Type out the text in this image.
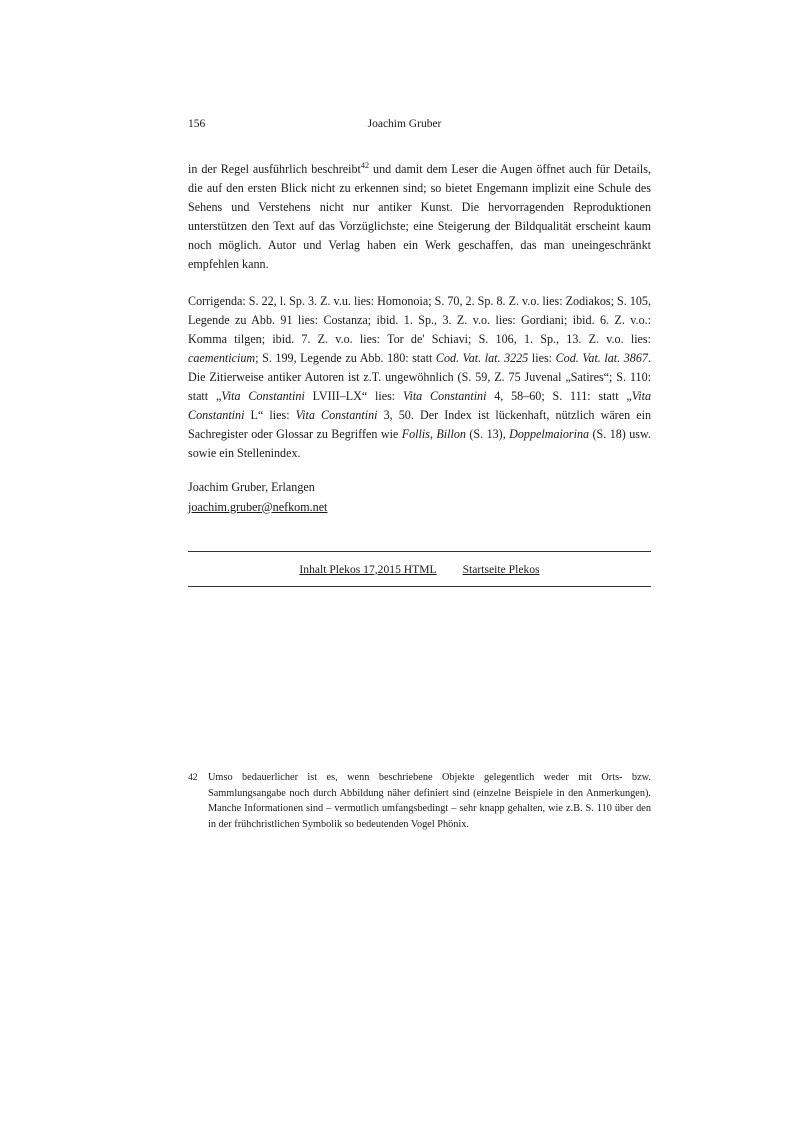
156	Joachim Gruber

in der Regel ausführlich beschreibt$^{42}$ und damit dem Leser die Augen öffnet auch für Details, die auf den ersten Blick nicht zu erkennen sind; so bietet Engemann implizit eine Schule des Sehens und Verstehens nicht nur antiker Kunst. Die hervorragenden Reproduktionen unterstützen den Text auf das Vorzüglichste; eine Steigerung der Bildqualität erscheint kaum noch möglich. Autor und Verlag haben ein Werk geschaffen, das man uneingeschränkt empfehlen kann.

Corrigenda: S. 22, l. Sp. 3. Z. v.u. lies: Homonoia; S. 70, 2. Sp. 8. Z. v.o. lies: Zodiakos; S. 105, Legende zu Abb. 91 lies: Costanza; ibid. 1. Sp., 3. Z. v.o. lies: Gordiani; ibid. 6. Z. v.o.: Komma tilgen; ibid. 7. Z. v.o. lies: Tor de' Schiavi; S. 106, 1. Sp., 13. Z. v.o. lies: caementicium; S. 199, Legende zu Abb. 180: statt Cod. Vat. lat. 3225 lies: Cod. Vat. lat. 3867. Die Zitierweise antiker Autoren ist z.T. ungewöhnlich (S. 59, Z. 75 Juvenal „Satires“; S. 110: statt „Vita Constantini LVIII–LX“ lies: Vita Constantini 4, 58–60; S. 111: statt „Vita Constantini L“ lies: Vita Constantini 3, 50. Der Index ist lückenhaft, nützlich wären ein Sachregister oder Glossar zu Begriffen wie Follis, Billon (S. 13), Doppelmaiorina (S. 18) usw. sowie ein Stellenindex.

Joachim Gruber, Erlangen
joachim.gruber@nefkom.net
Inhalt Plekos 17,2015 HTML Startseite Plekos
42	Umso bedauerlicher ist es, wenn beschriebene Objekte gelegentlich weder mit Orts- bzw. Sammlungsangabe noch durch Abbildung näher definiert sind (einzelne Beispiele in den Anmerkungen). Manche Informationen sind – vermutlich umfangsbedingt – sehr knapp gehalten, wie z.B. S. 110 über den in der frühchristlichen Symbolik so bedeutenden Vogel Phönix.
